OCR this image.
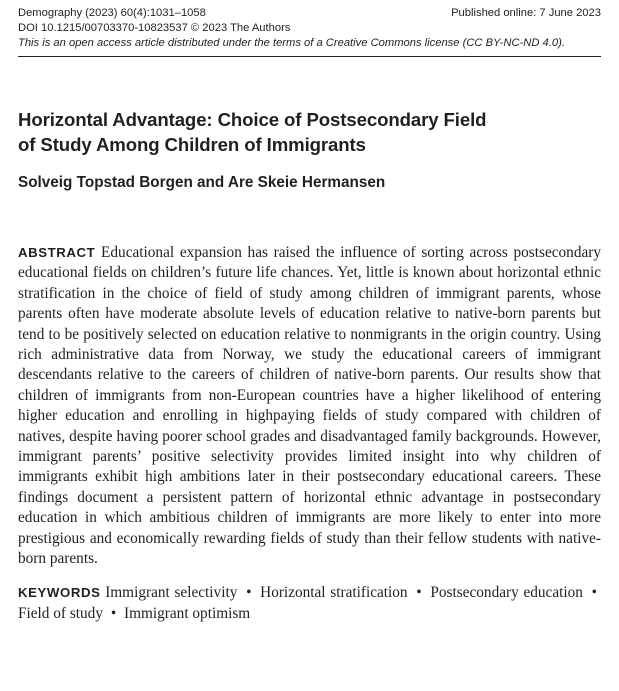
Demography (2023) 60(4):1031–1058	Published online: 7 June 2023
DOI 10.1215/00703370-10823537 © 2023 The Authors
This is an open access article distributed under the terms of a Creative Commons license (CC BY-NC-ND 4.0).
Horizontal Advantage: Choice of Postsecondary Field
of Study Among Children of Immigrants
Solveig Topstad Borgen and Are Skeie Hermansen
ABSTRACT Educational expansion has raised the influence of sorting across postsecondary educational fields on children’s future life chances. Yet, little is known about horizontal ethnic stratification in the choice of field of study among children of immigrant parents, whose parents often have moderate absolute levels of education relative to native-born parents but tend to be positively selected on education relative to nonmigrants in the origin country. Using rich administrative data from Norway, we study the educational careers of immigrant descendants relative to the careers of children of native-born parents. Our results show that children of immigrants from non-European countries have a higher likelihood of entering higher education and enrolling in highpaying fields of study compared with children of natives, despite having poorer school grades and disadvantaged family backgrounds. However, immigrant parents’ positive selectivity provides limited insight into why children of immigrants exhibit high ambitions later in their postsecondary educational careers. These findings document a persistent pattern of horizontal ethnic advantage in postsecondary education in which ambitious children of immigrants are more likely to enter into more prestigious and economically rewarding fields of study than their fellow students with native-born parents.
KEYWORDS Immigrant selectivity • Horizontal stratification • Postsecondary education • Field of study • Immigrant optimism
